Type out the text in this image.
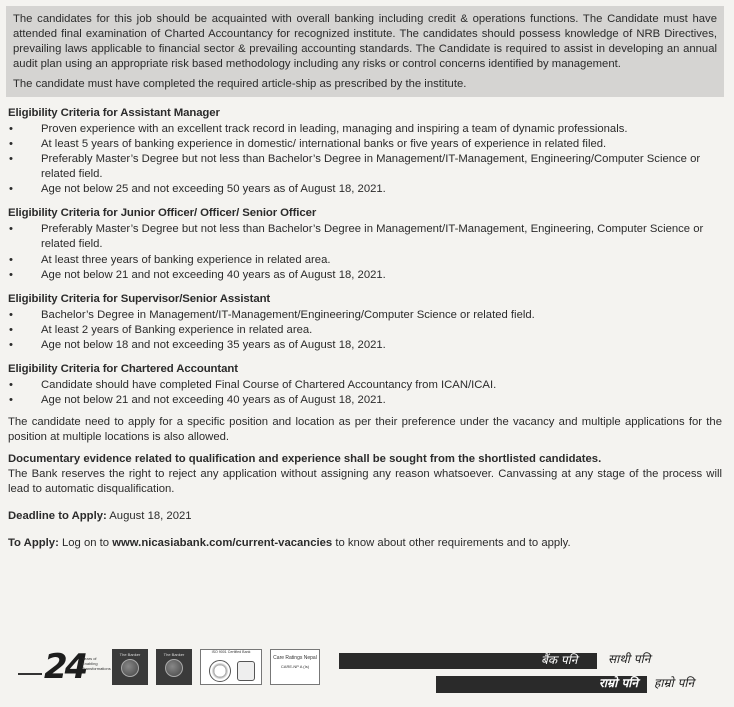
The candidates for this job should be acquainted with overall banking including credit & operations functions. The Candidate must have attended final examination of Charted Accountancy for recognized institute. The candidates should possess knowledge of NRB Directives, prevailing laws applicable to financial sector & prevailing accounting standards. The Candidate is required to assist in developing an annual audit plan using an appropriate risk based methodology including any risks or control concerns identified by management.

The candidate must have completed the required article-ship as prescribed by the institute.

Eligibility Criteria for Assistant Manager
• Proven experience with an excellent track record in leading, managing and inspiring a team of dynamic professionals.
• At least 5 years of banking experience in domestic/ international banks or five years of experience in related filed.
• Preferably Master’s Degree but not less than Bachelor’s Degree in Management/IT-Management, Engineering/Computer Science or related field.
• Age not below 25 and not exceeding 50 years as of August 18, 2021.
Eligibility Criteria for Junior Officer/ Officer/ Senior Officer
• Preferably Master’s Degree but not less than Bachelor’s Degree in Management/IT-Management, Engineering, Computer Science or related field.
• At least three years of banking experience in related area.
• Age not below 21 and not exceeding 40 years as of August 18, 2021.
Eligibility Criteria for Supervisor/Senior Assistant
• Bachelor’s Degree in Management/IT-Management/Engineering/Computer Science or related field.
• At least 2 years of Banking experience in related area.
• Age not below 18 and not exceeding 35 years as of August 18, 2021.
Eligibility Criteria for Chartered Accountant
• Candidate should have completed Final Course of Chartered Accountancy from ICAN/ICAI.
• Age not below 21 and not exceeding 40 years as of August 18, 2021.

The candidate need to apply for a specific position and location as per their preference under the vacancy and multiple applications for the position at multiple locations is also allowed.

Documentary evidence related to qualification and experience shall be sought from the shortlisted candidates.
The Bank reserves the right to reject any application without assigning any reason whatsoever. Canvassing at any stage of the process will lead to automatic disqualification.

Deadline to Apply: August 18, 2021

To Apply: Log on to www.nicasiabank.com/current-vacancies to know about other requirements and to apply.

24
Years of Enabling Transformations
The Banker	The Banker	ISO 9001 Certified Bank
Care Ratings Nepal
CARE-NP A (Is)	बैंक पनि	साथी पनि
राम्रो पनि हाम्रो पनि
